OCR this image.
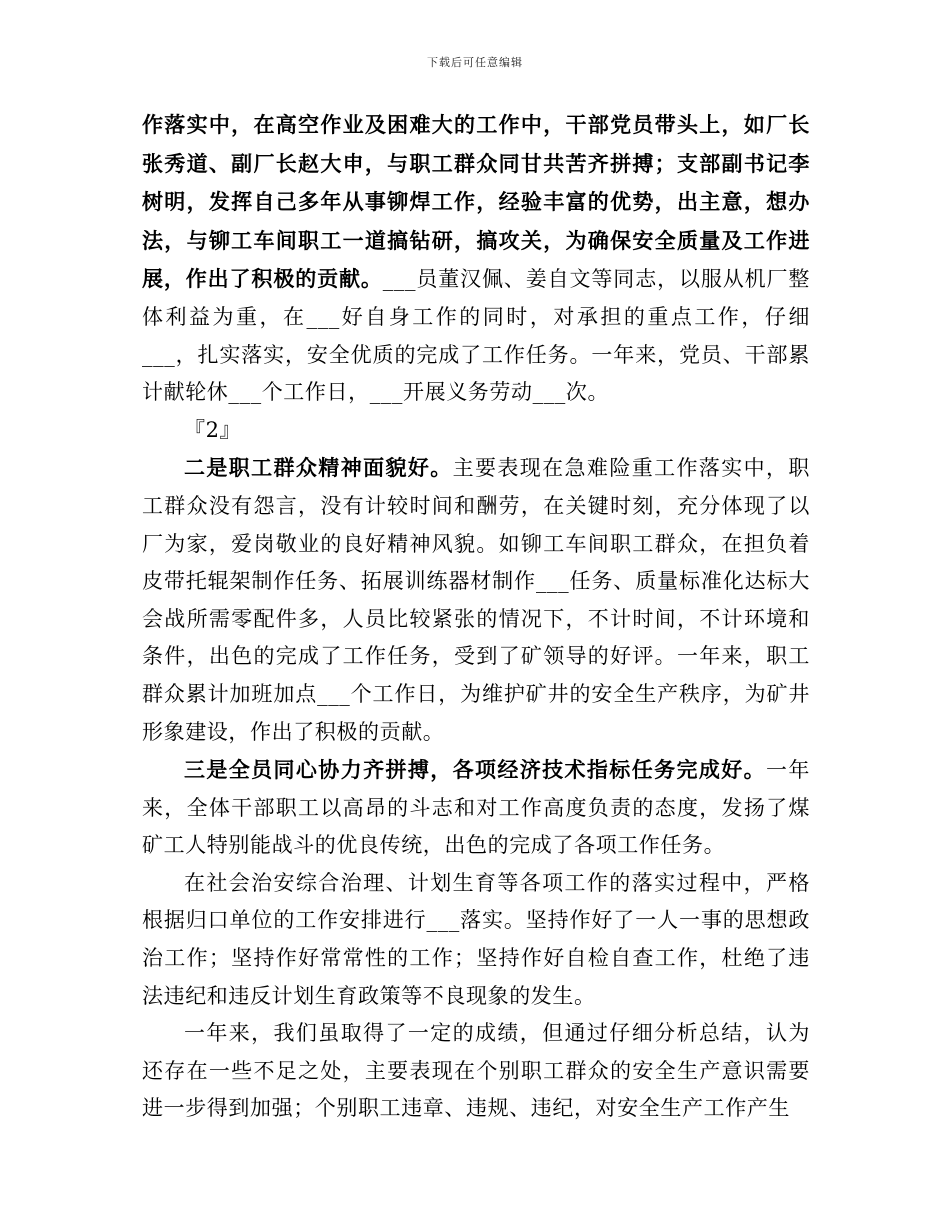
下载后可任意编辑

作落实中，在高空作业及困难大的工作中，干部党员带头上，如厂长张秀道、副厂长赵大申，与职工群众同甘共苦齐拼搏；支部副书记李树明，发挥自己多年从事铆焊工作，经验丰富的优势，出主意，想办法，与铆工车间职工一道搞钻研，搞攻关，为确保安全质量及工作进展，作出了积极的贡献。___员董汉佩、姜自文等同志，以服从机厂整体利益为重，在___好自身工作的同时，对承担的重点工作，仔细___，扎实落实，安全优质的完成了工作任务。一年来，党员、干部累计献轮休___个工作日，___开展义务劳动___次。

『2』

二是职工群众精神面貌好。主要表现在急难险重工作落实中，职工群众没有怨言，没有计较时间和酬劳，在关键时刻，充分体现了以厂为家，爱岗敬业的良好精神风貌。如铆工车间职工群众，在担负着皮带托辊架制作任务、拓展训练器材制作___任务、质量标准化达标大会战所需零配件多，人员比较紧张的情况下，不计时间，不计环境和条件，出色的完成了工作任务，受到了矿领导的好评。一年来，职工群众累计加班加点___个工作日，为维护矿井的安全生产秩序，为矿井形象建设，作出了积极的贡献。

三是全员同心协力齐拼搏，各项经济技术指标任务完成好。一年来，全体干部职工以高昂的斗志和对工作高度负责的态度，发扬了煤矿工人特别能战斗的优良传统，出色的完成了各项工作任务。

在社会治安综合治理、计划生育等各项工作的落实过程中，严格根据归口单位的工作安排进行___落实。坚持作好了一人一事的思想政治工作；坚持作好常常性的工作；坚持作好自检自查工作，杜绝了违法违纪和违反计划生育政策等不良现象的发生。

一年来，我们虽取得了一定的成绩，但通过仔细分析总结，认为还存在一些不足之处，主要表现在个别职工群众的安全生产意识需要进一步得到加强；个别职工违章、违规、违纪，对安全生产工作产生
